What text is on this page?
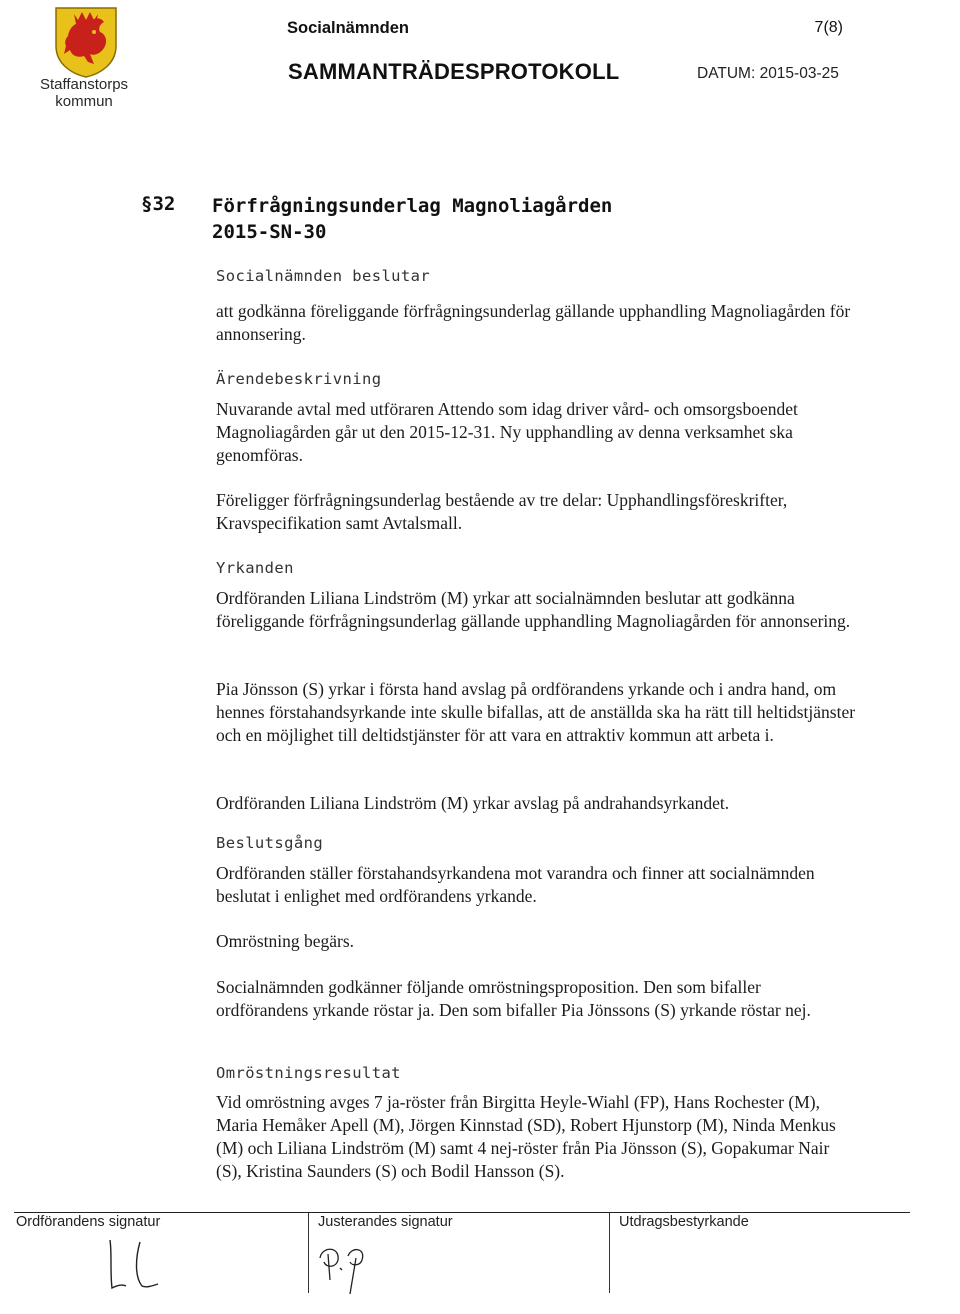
Staffanstorps kommun
Socialnämnden	7(8)
SAMMANTRÄDESPROTOKOLL	DATUM: 2015-03-25
§32 Förfrågningsunderlag Magnoliagården
2015-SN-30
Socialnämnden beslutar
att godkänna föreliggande förfrågningsunderlag gällande upphandling Magnoliagården för annonsering.
Ärendebeskrivning
Nuvarande avtal med utföraren Attendo som idag driver vård- och omsorgsboendet Magnoliagården går ut den 2015-12-31. Ny upphandling av denna verksamhet ska genomföras.
Föreligger förfrågningsunderlag bestående av tre delar: Upphandlingsföreskrifter, Kravspecifikation samt Avtalsmall.
Yrkanden
Ordföranden Liliana Lindström (M) yrkar att socialnämnden beslutar att godkänna föreliggande förfrågningsunderlag gällande upphandling Magnoliagården för annonsering.
Pia Jönsson (S) yrkar i första hand avslag på ordförandens yrkande och i andra hand, om hennes förstahandsyrkande inte skulle bifallas, att de anställda ska ha rätt till heltidstjänster och en möjlighet till deltidstjänster för att vara en attraktiv kommun att arbeta i.
Ordföranden Liliana Lindström (M) yrkar avslag på andrahandsyrkandet.
Beslutsgång
Ordföranden ställer förstahandsyrkandena mot varandra och finner att socialnämnden beslutat i enlighet med ordförandens yrkande.
Omröstning begärs.
Socialnämnden godkänner följande omröstningsproposition. Den som bifaller ordförandens yrkande röstar ja. Den som bifaller Pia Jönssons (S) yrkande röstar nej.
Omröstningsresultat
Vid omröstning avges 7 ja-röster från Birgitta Heyle-Wiahl (FP), Hans Rochester (M), Maria Hemåker Apell (M), Jörgen Kinnstad (SD), Robert Hjunstorp (M), Ninda Menkus (M) och Liliana Lindström (M) samt 4 nej-röster från Pia Jönsson (S), Gopakumar Nair (S), Kristina Saunders (S) och Bodil Hansson (S).
Ordförandens signatur	Justerandes signatur	Utdragsbestyrkande
